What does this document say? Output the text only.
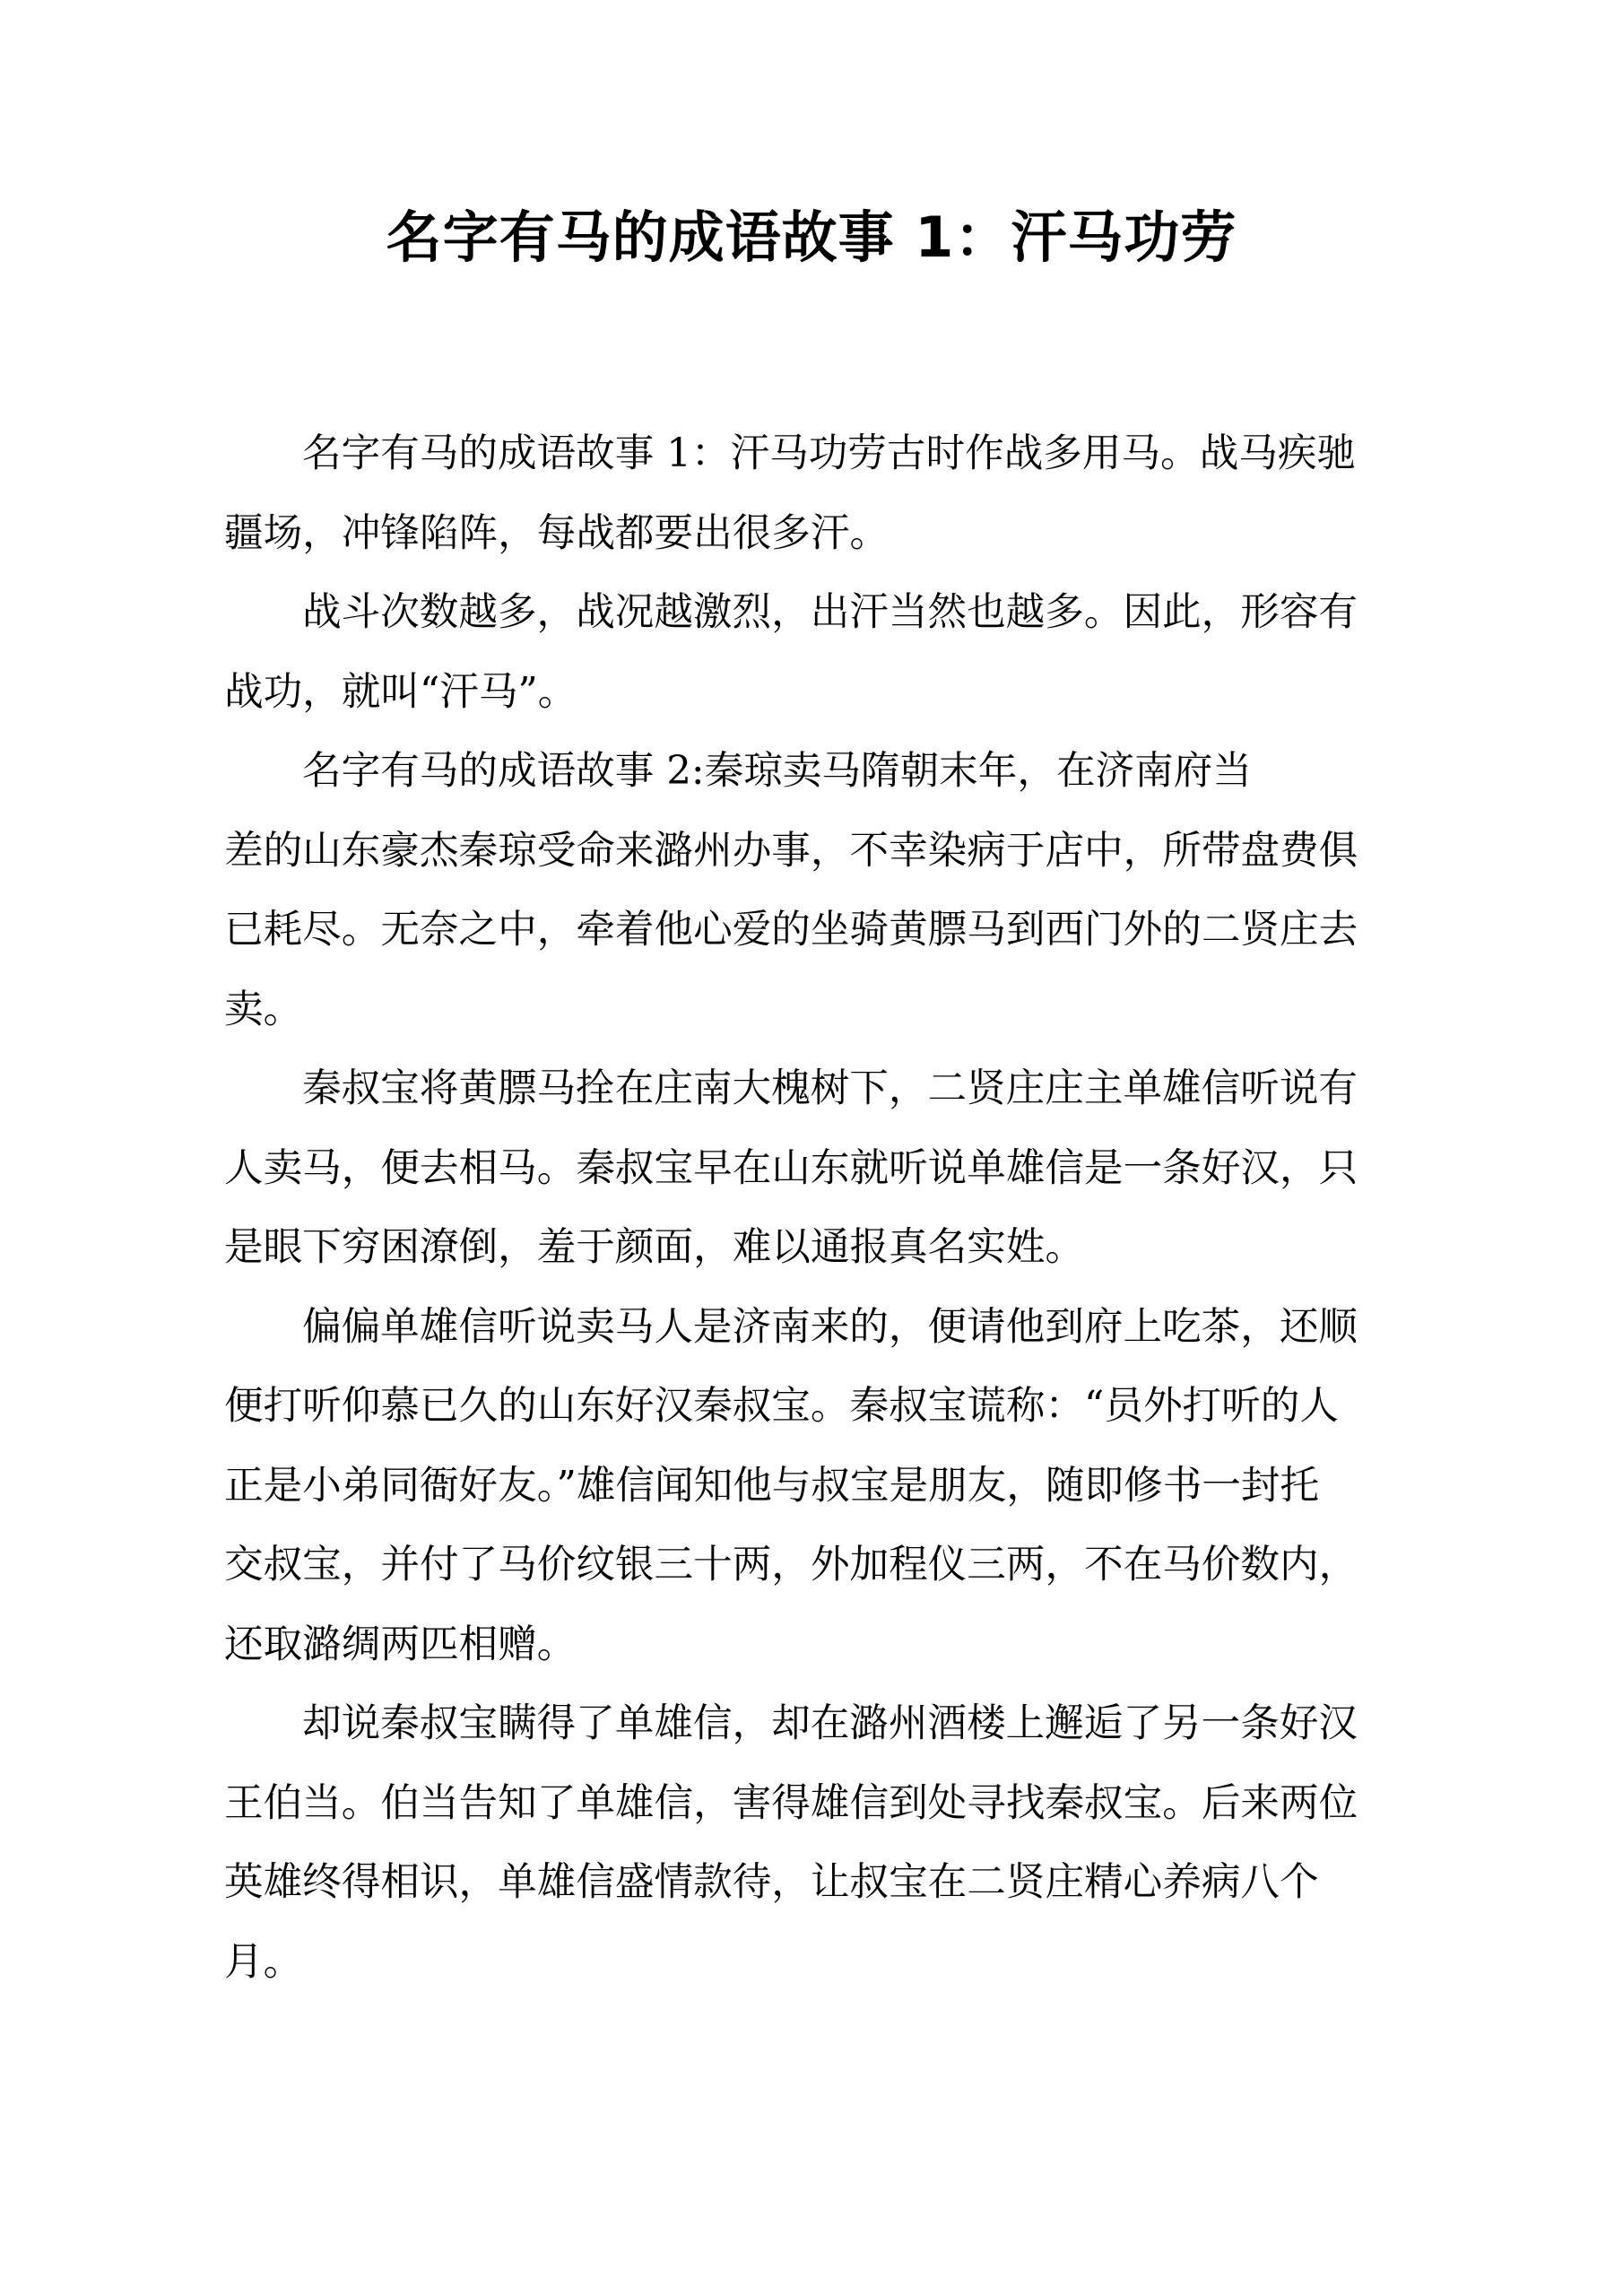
名字有马的成语故事 1：汗马功劳

名字有马的成语故事 1：汗马功劳古时作战多用马。战马疾驰
疆场，冲锋陷阵，每战都要出很多汗。

战斗次数越多，战况越激烈，出汗当然也越多。因此，形容有
战功，就叫“汗马”。

名字有马的成语故事 2:秦琼卖马隋朝末年，在济南府当
差的山东豪杰秦琼受命来潞州办事，不幸染病于店中，所带盘费俱
已耗尽。无奈之中，牵着他心爱的坐骑黄膘马到西门外的二贤庄去
卖。

秦叔宝将黄膘马拴在庄南大槐树下，二贤庄庄主单雄信听说有
人卖马，便去相马。秦叔宝早在山东就听说单雄信是一条好汉，只
是眼下穷困潦倒，羞于颜面，难以通报真名实姓。

偏偏单雄信听说卖马人是济南来的，便请他到府上吃茶，还顺
便打听仰慕已久的山东好汉秦叔宝。秦叔宝谎称：“员外打听的人
正是小弟同衙好友。”雄信闻知他与叔宝是朋友，随即修书一封托
交叔宝，并付了马价纹银三十两，外加程仪三两，不在马价数内，
还取潞绸两匹相赠。

却说秦叔宝瞒得了单雄信，却在潞州酒楼上邂逅了另一条好汉
王伯当。伯当告知了单雄信，害得雄信到处寻找秦叔宝。后来两位
英雄终得相识，单雄信盛情款待，让叔宝在二贤庄精心养病八个
月。
